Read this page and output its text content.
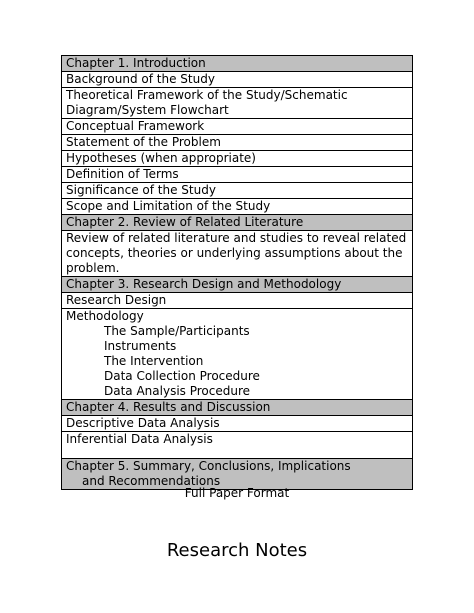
Chapter 1. Introduction
Background of the Study
Theoretical Framework of the Study/Schematic Diagram/System Flowchart
Conceptual Framework
Statement of the Problem
Hypotheses (when appropriate)
Definition of Terms
Significance of the Study
Scope and Limitation of the Study
Chapter 2. Review of Related Literature
Review of related literature and studies to reveal related concepts, theories or underlying assumptions about the problem.
Chapter 3. Research Design and Methodology
Research Design
Methodology
The Sample/Participants
Instruments
The Intervention
Data Collection Procedure
Data Analysis Procedure

Chapter 4. Results and Discussion
Descriptive Data Analysis
Inferential Data Analysis
Chapter 5. Summary, Conclusions, Implications
and Recommendations
Full Paper Format
Research Notes
